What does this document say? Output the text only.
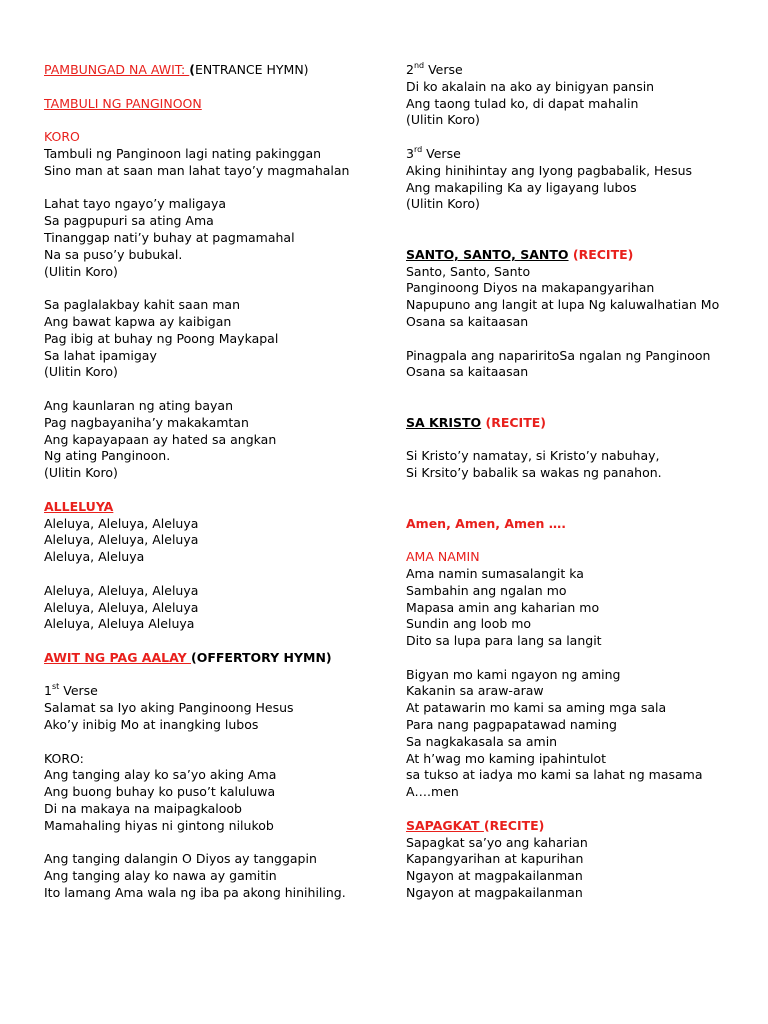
PAMBUNGAD NA AWIT: (ENTRANCE HYMN)
TAMBULI NG PANGINOON
KORO
Tambuli ng Panginoon lagi nating pakinggan
Sino man at saan man lahat tayo’y magmahalan
Lahat tayo ngayo’y maligaya
Sa pagpupuri sa ating Ama
Tinanggap nati’y buhay at pagmamahal
Na sa puso’y bubukal.
(Ulitin Koro)
Sa paglalakbay kahit saan man
Ang bawat kapwa ay kaibigan
Pag ibig at buhay ng Poong Maykapal
Sa lahat ipamigay
(Ulitin Koro)
Ang kaunlaran ng ating bayan
Pag nagbayaniha’y makakamtan
Ang kapayapaan ay hated sa angkan
Ng ating Panginoon.
(Ulitin Koro)
ALLELUYA
Aleluya, Aleluya, Aleluya
Aleluya, Aleluya, Aleluya
Aleluya, Aleluya
Aleluya, Aleluya, Aleluya
Aleluya, Aleluya, Aleluya
Aleluya, Aleluya Aleluya
AWIT NG PAG AALAY (OFFERTORY HYMN)
1st Verse
Salamat sa Iyo aking Panginoong Hesus
Ako’y inibig Mo at inangking lubos
KORO:
Ang tanging alay ko sa’yo aking Ama
Ang buong buhay ko puso’t kaluluwa
Di na makaya na maipagkaloob
Mamahaling hiyas ni gintong nilukob
Ang tanging dalangin O Diyos ay tanggapin
Ang tanging alay ko nawa ay gamitin
Ito lamang Ama wala ng iba pa akong hinihiling.
2nd Verse
Di ko akalain na ako ay binigyan pansin
Ang taong tulad ko, di dapat mahalin
(Ulitin Koro)
3rd Verse
Aking hinihintay ang Iyong pagbabalik, Hesus
Ang makapiling Ka ay ligayang lubos
(Ulitin Koro)
SANTO, SANTO, SANTO (RECITE)
Santo, Santo, Santo
Panginoong Diyos na makapangyarihan
Napupuno ang langit at lupa Ng kaluwalhatian Mo
Osana sa kaitaasan
Pinagpala ang napariritoSa ngalan ng Panginoon
Osana sa kaitaasan
SA KRISTO (RECITE)
Si Kristo’y namatay, si Kristo’y nabuhay,
Si Krsito’y babalik sa wakas ng panahon.
Amen, Amen, Amen ….
AMA NAMIN
Ama namin sumasalangit ka
Sambahin ang ngalan mo
Mapasa amin ang kaharian mo
Sundin ang loob mo
Dito sa lupa para lang sa langit
Bigyan mo kami ngayon ng aming
Kakanin sa araw-araw
At patawarin mo kami sa aming mga sala
Para nang pagpapatawad naming
Sa nagkakasala sa amin
At h’wag mo kaming ipahintulot
sa tukso at iadya mo kami sa lahat ng masama
A….men
SAPAGKAT (RECITE)
Sapagkat sa’yo ang kaharian
Kapangyarihan at kapurihan
Ngayon at magpakailanman
Ngayon at magpakailanman
